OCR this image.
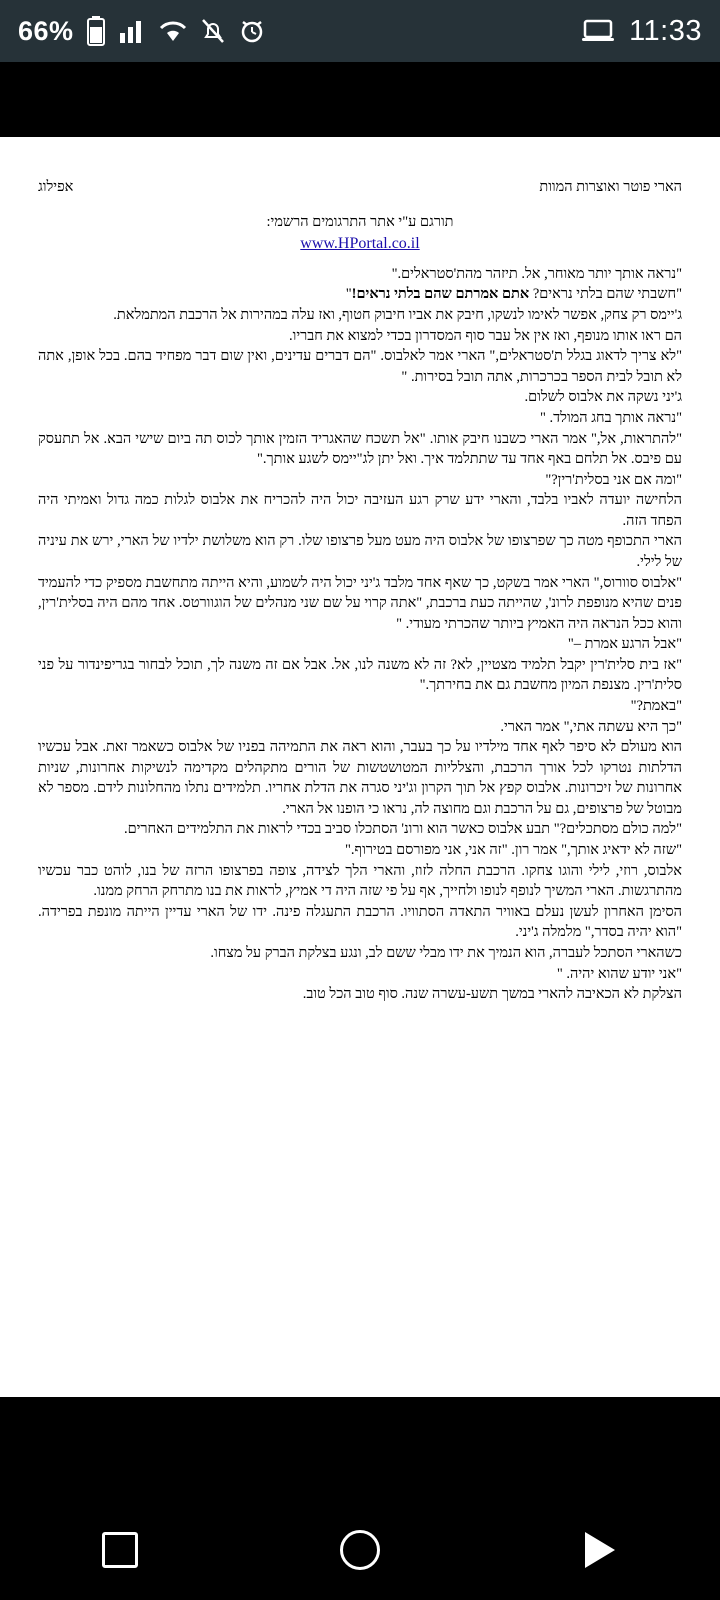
66%	11:33
הארי פוטר ואוצרות המוות
אפילוג
תורגם ע"י אתר התרגומים הרשמי:
www.HPortal.co.il

"נראה אותך יותר מאוחר, אל. תיזהר מהת'סטראלים."

"חשבתי שהם בלתי נראים? אתם אמרתם שהם בלתי נראים!"

ג'יימס רק צחק, אפשר לאימו לנשקו, חיבק את אביו חיבוק חטוף, ואז עלה במהירות אל הרכבת המתמלאת.

הם ראו אותו מנופף, ואז אין אל עבר סוף המסדרון בכדי למצוא את חבריו.

"לא צריך לדאוג בגלל ת'סטראלים," הארי אמר לאלבוס. "הם דברים עדינים, ואין שום דבר מפחיד בהם. בכל אופן, אתה לא תובל לבית הספר בכרכרות, אתה תובל בסירות. "

ג'יני נשקה את אלבוס לשלום.

"נראה אותך בחג המולד. "

"להתראות, אל," אמר הארי כשבנו חיבק אותו. "אל תשכח שהאגריד הזמין אותך לכוס תה ביום שישי הבא. אל תתעסק עם פיבס. אל תלחם באף אחד עד שתתלמד איך. ואל יתן לג"יימס לשגע אותך."

"ומה אם אני בסלית'רין?"

הלחישה יועדה לאביו בלבד, והארי ידע שרק רגע העזיבה יכול היה להכריח את אלבוס לגלות כמה גדול ואמיתי היה הפחד הזה.

הארי התכופף מטה כך שפרצופו של אלבוס היה מעט מעל פרצופו שלו. רק הוא משלושת ילדיו של הארי, ירש את עיניה של לילי.

"אלבוס סוורוס," הארי אמר בשקט, כך שאף אחד מלבד ג'יני יכול היה לשמוע, והיא הייתה מתחשבת מספיק כדי להעמיד פנים שהיא מנופפת לרונ', שהייתה כעת ברכבת, "אתה קרוי על שם שני מנהלים של הוגוורטס. אחד מהם היה בסלית'רין, והוא ככל הנראה היה האמיץ ביותר שהכרתי מעודי. "

"אבל הרגע אמרת –"

"אז בית סלית'רין יקבל תלמיד מצטיין, לא? זה לא משנה לנו, אל. אבל אם זה משנה לך, תוכל לבחור בגריפינדור על פני סלית'רין. מצנפת המיון מחשבת גם את בחירתך."

"באמת?"

"כך היא עשתה אתי," אמר הארי.

הוא מעולם לא סיפר לאף אחד מילדיו על כך בעבר, והוא ראה את התמיהה בפניו של אלבוס כשאמר זאת. אבל עכשיו הדלתות נטרקו לכל אורך הרכבת, והצלליות המטושטשות של הורים מתקהלים מקדימה לנשיקות אחרונות, שניות אחרונות של זיכרונות. אלבוס קפץ אל תוך הקרון וג'יני סגרה את הדלת אחריו. תלמידים נתלו מהחלונות לידם. מספר לא מבוטל של פרצופים, גם על הרכבת וגם מחוצה לה, נראו כי הופנו אל הארי.

"למה כולם מסתכלים?" תבע אלבוס כאשר הוא ורונ' הסתכלו סביב בכדי לראות את התלמידים האחרים.

"שזה לא ידאיג אותך," אמר רון. "זה אני, אני מפורסם בטירוף."

אלבוס, רוזי, לילי והוגו צחקו. הרכבת החלה לזוז, והארי הלך לצידה, צופה בפרצופו הרזה של בנו, לוהט כבר עכשיו מהתרגשות. הארי המשיך לנופף לנופו ולחייך, אף על פי שזה היה די אמיץ, לראות את בנו מתרחק הרחק ממנו.

הסימן האחרון לעשן נעלם באוויר התאדה הסתוויו. הרכבת התעגלה פינה. ידו של הארי עדיין הייתה מונפת בפרידה. "הוא יהיה בסדר," מלמלה ג'יני.

כשהארי הסתכל לעברה, הוא הנמיך את ידו מבלי ששם לב, ונגע בצלקת הברק על מצחו.

"אני יודע שהוא יהיה. "

הצלקת לא הכאיבה להארי במשך תשע-עשרה שנה. סוף טוב הכל טוב.
